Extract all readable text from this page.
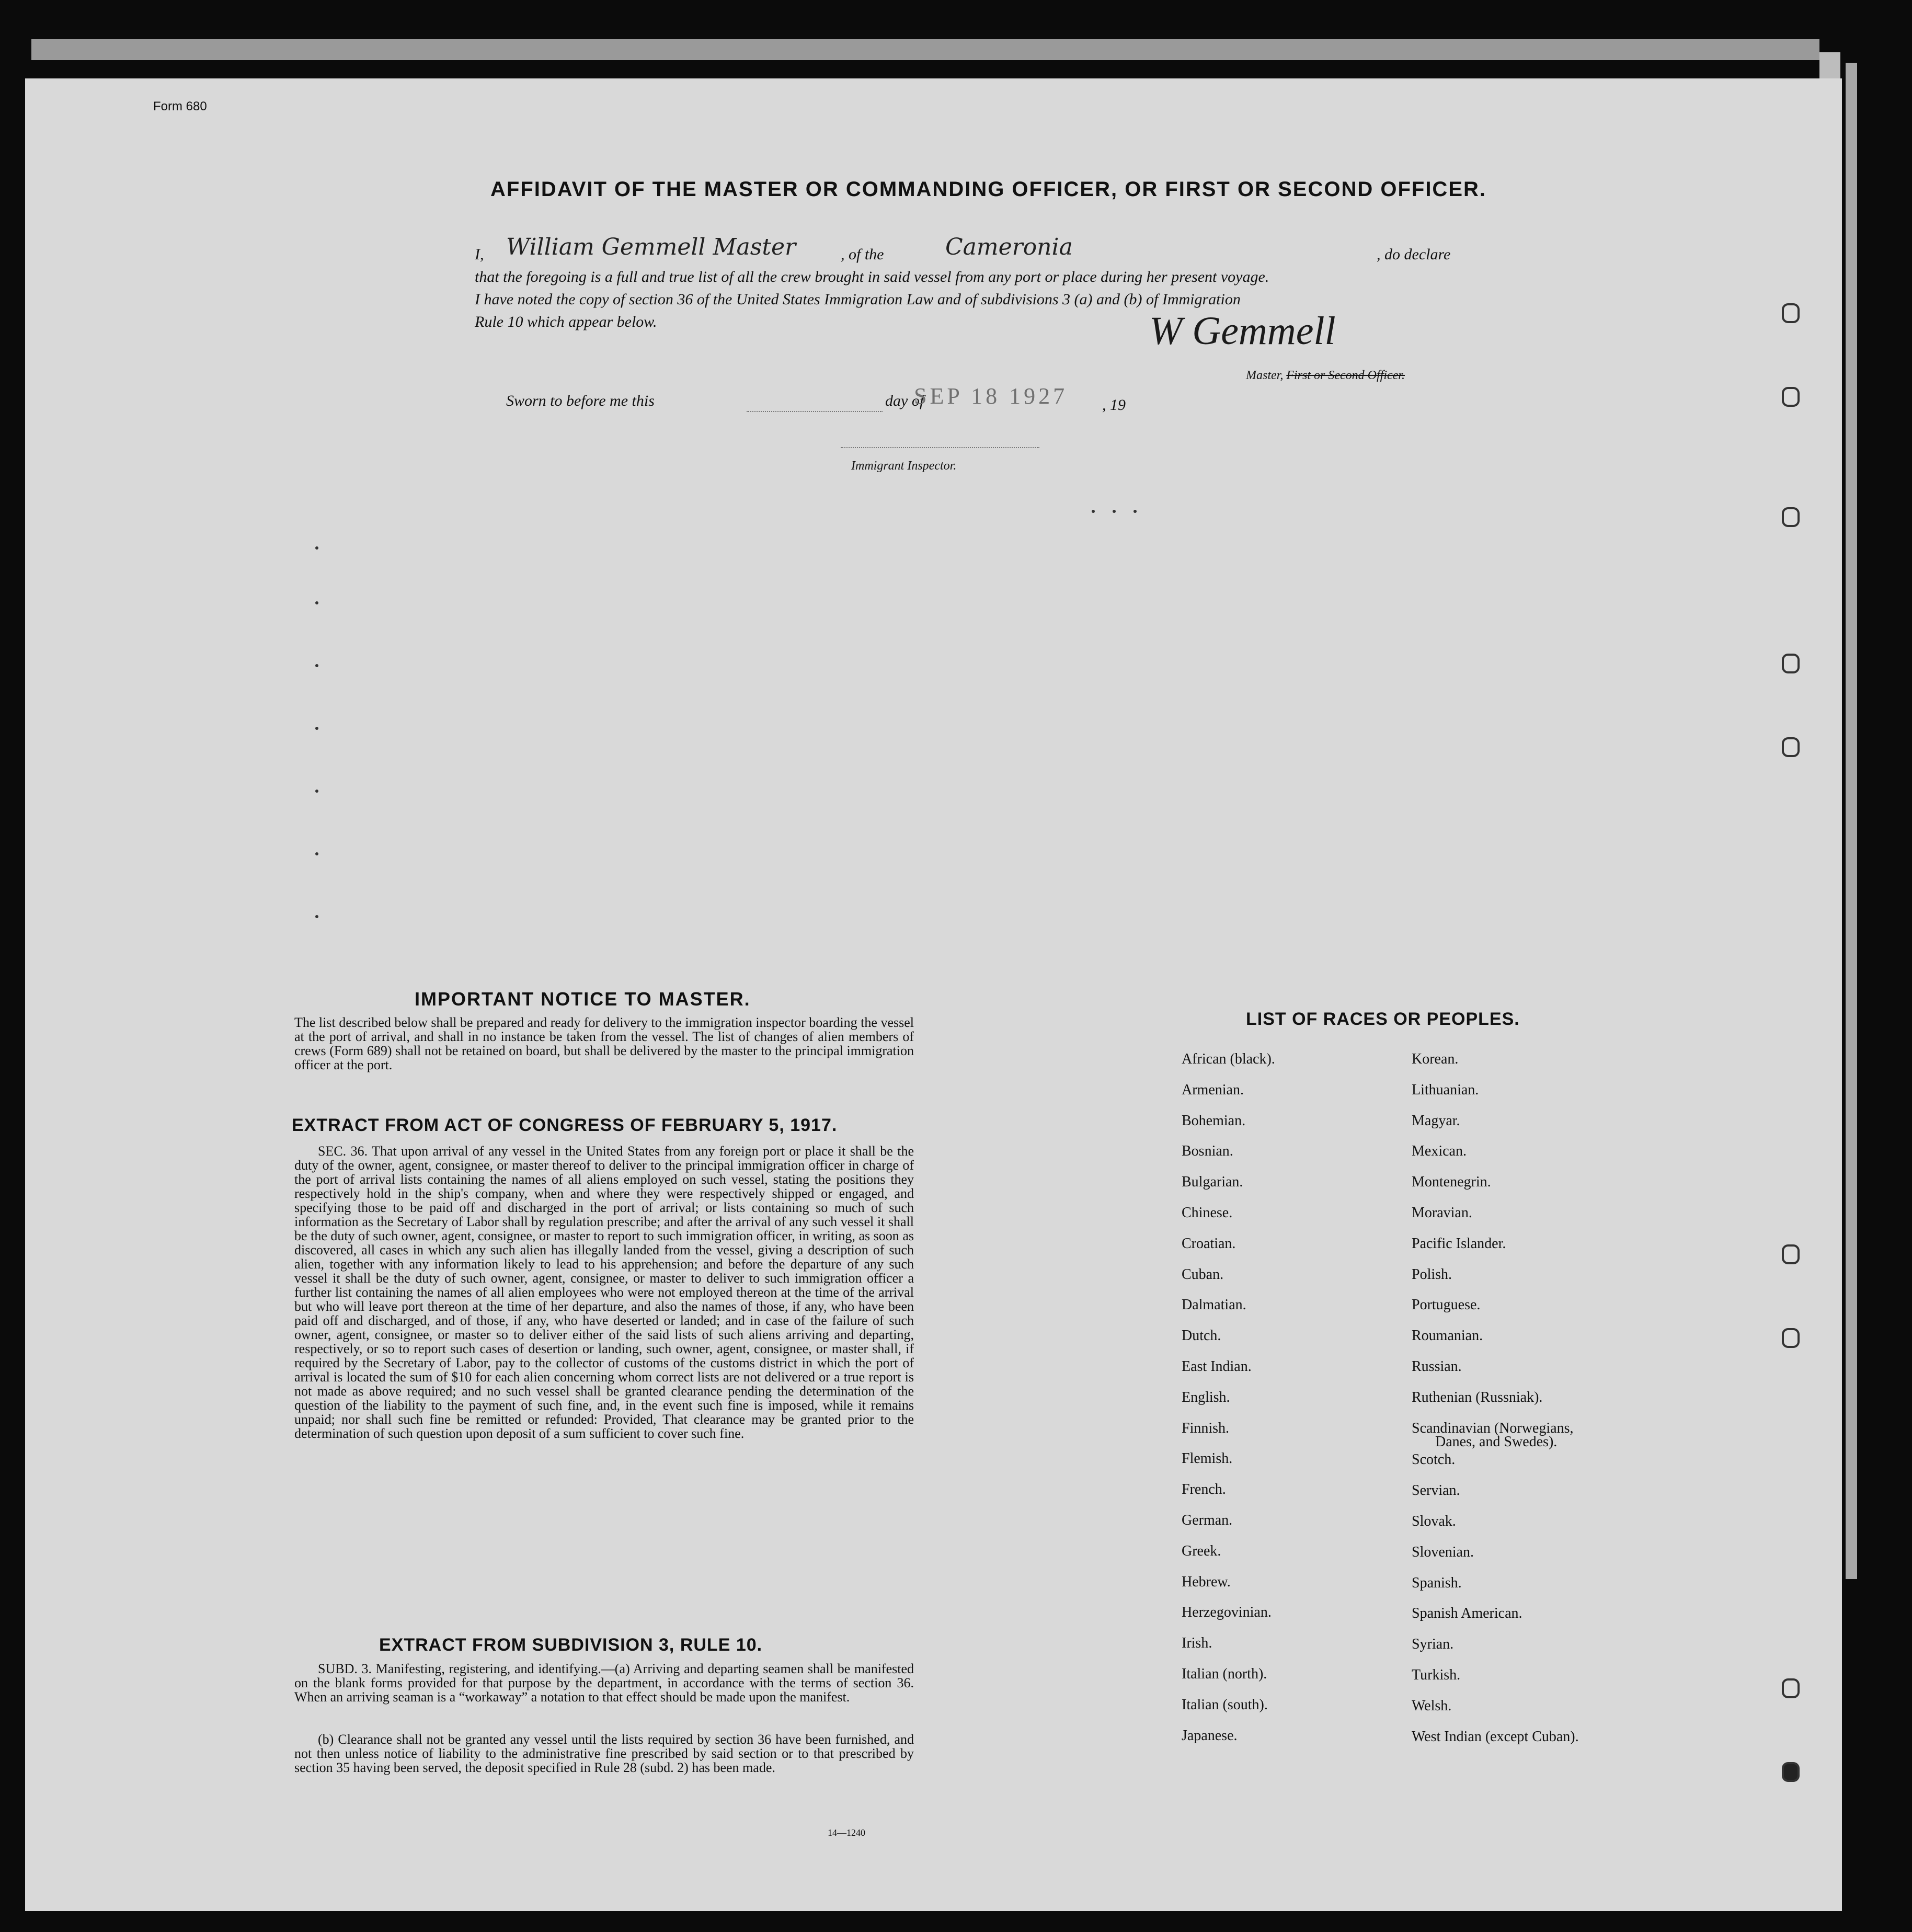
Form 680
AFFIDAVIT OF THE MASTER OR COMMANDING OFFICER, OR FIRST OR SECOND OFFICER.
I, William Gemmell Master	, of the	Cameronia	, do declare
that the foregoing is a full and true list of all the crew brought in said vessel from any port or place during her present voyage.
I have noted the copy of section 36 of the United States Immigration Law and of subdivisions 3 (a) and (b) of Immigration
Rule 10 which appear below.	W Gemmell
Master, First or Second Officer.
Sworn to before me this	day of
SEP 18 1927 , 19
Immigrant Inspector.
IMPORTANT NOTICE TO MASTER.
The list described below shall be prepared and ready for delivery to the immigration inspector boarding the vessel at the port of arrival, and shall in no instance be taken from the vessel. The list of changes of alien members of crews (Form 689) shall not be retained on board, but shall be delivered by the master to the principal immigration officer at the port.
EXTRACT FROM ACT OF CONGRESS OF FEBRUARY 5, 1917.
SEC. 36. That upon arrival of any vessel in the United States from any foreign port or place it shall be the duty of the owner, agent, consignee, or master thereof to deliver to the principal immigration officer in charge of the port of arrival lists containing the names of all aliens employed on such vessel, stating the positions they respectively hold in the ship's company, when and where they were respectively shipped or engaged, and specifying those to be paid off and discharged in the port of arrival; or lists containing so much of such information as the Secretary of Labor shall by regulation prescribe; and after the arrival of any such vessel it shall be the duty of such owner, agent, consignee, or master to report to such immigration officer, in writing, as soon as discovered, all cases in which any such alien has illegally landed from the vessel, giving a description of such alien, together with any information likely to lead to his apprehension; and before the departure of any such vessel it shall be the duty of such owner, agent, consignee, or master to deliver to such immigration officer a further list containing the names of all alien employees who were not employed thereon at the time of the arrival but who will leave port thereon at the time of her departure, and also the names of those, if any, who have been paid off and discharged, and of those, if any, who have deserted or landed; and in case of the failure of such owner, agent, consignee, or master so to deliver either of the said lists of such aliens arriving and departing, respectively, or so to report such cases of desertion or landing, such owner, agent, consignee, or master shall, if required by the Secretary of Labor, pay to the collector of customs of the customs district in which the port of arrival is located the sum of $10 for each alien concerning whom correct lists are not delivered or a true report is not made as above required; and no such vessel shall be granted clearance pending the determination of the question of the liability to the payment of such fine, and, in the event such fine is imposed, while it remains unpaid; nor shall such fine be remitted or refunded: Provided, That clearance may be granted prior to the determination of such question upon deposit of a sum sufficient to cover such fine.
EXTRACT FROM SUBDIVISION 3, RULE 10.
SUBD. 3. Manifesting, registering, and identifying.—(a) Arriving and departing seamen shall be manifested on the blank forms provided for that purpose by the department, in accordance with the terms of section 36. When an arriving seaman is a “workaway” a notation to that effect should be made upon the manifest.
(b) Clearance shall not be granted any vessel until the lists required by section 36 have been furnished, and not then unless notice of liability to the administrative fine prescribed by said section or to that prescribed by section 35 having been served, the deposit specified in Rule 28 (subd. 2) has been made.
14—1240
LIST OF RACES OR PEOPLES.
African (black).
Armenian.
Bohemian.
Bosnian.
Bulgarian.
Chinese.
Croatian.
Cuban.
Dalmatian.
Dutch.
East Indian.
English.
Finnish.
Flemish.
French.
German.
Greek.
Hebrew.
Herzegovinian.
Irish.
Italian (north).
Italian (south).
Japanese.
Korean.
Lithuanian.
Magyar.
Mexican.
Montenegrin.
Moravian.
Pacific Islander.
Polish.
Portuguese.
Roumanian.
Russian.
Ruthenian (Russniak).
Scandinavian (Norwegians,
Danes, and Swedes).
Scotch.
Servian.
Slovak.
Slovenian.
Spanish.
Spanish American.
Syrian.
Turkish.
Welsh.
West Indian (except Cuban).
